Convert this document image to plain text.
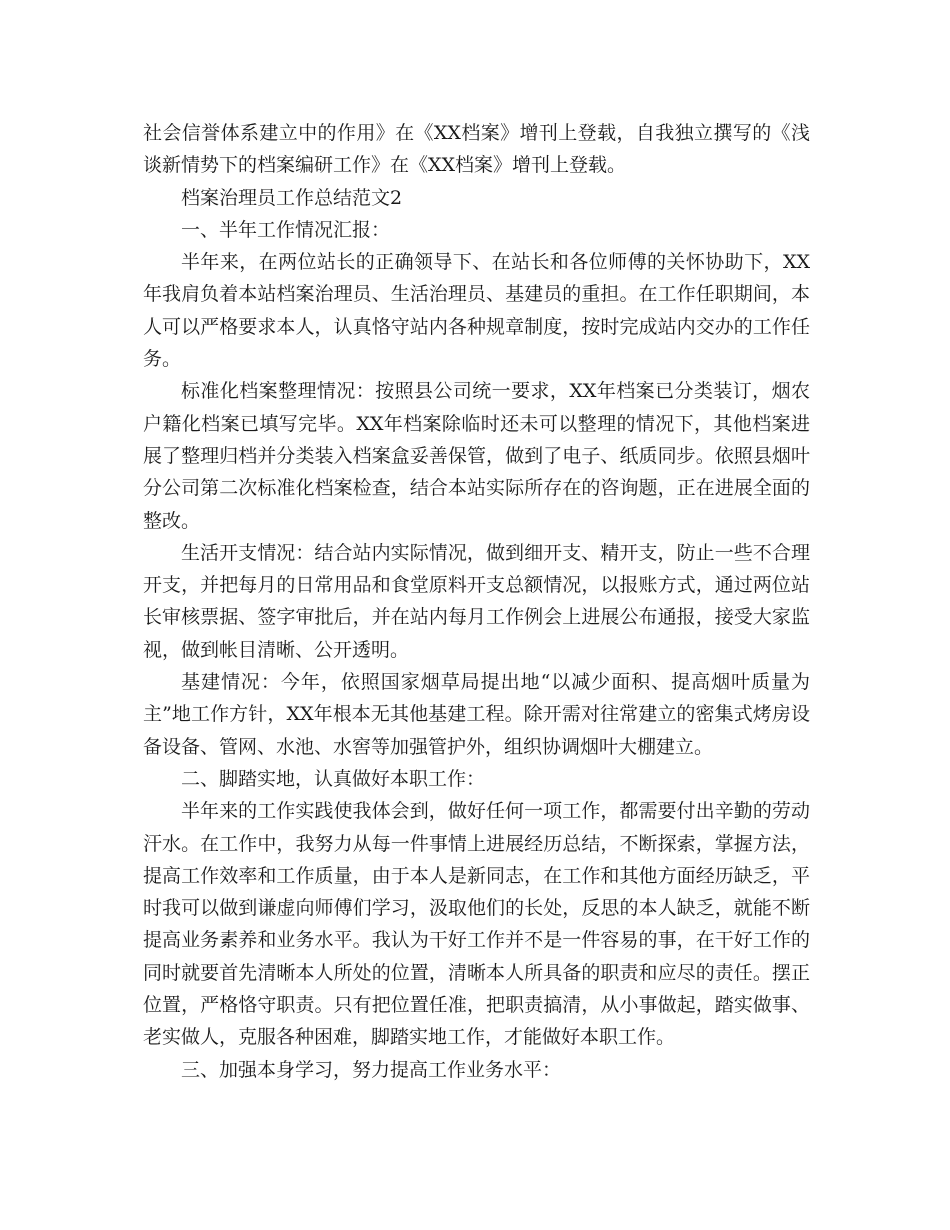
社会信誉体系建立中的作用》在《XX档案》增刊上登载，自我独立撰写的《浅谈新情势下的档案编研工作》在《XX档案》增刊上登载。

档案治理员工作总结范文2

一、半年工作情况汇报：

半年来，在两位站长的正确领导下、在站长和各位师傅的关怀协助下，XX年我肩负着本站档案治理员、生活治理员、基建员的重担。在工作任职期间，本人可以严格要求本人，认真恪守站内各种规章制度，按时完成站内交办的工作任务。

标准化档案整理情况：按照县公司统一要求，XX年档案已分类装订，烟农户籍化档案已填写完毕。XX年档案除临时还未可以整理的情况下，其他档案进展了整理归档并分类装入档案盒妥善保管，做到了电子、纸质同步。依照县烟叶分公司第二次标准化档案检查，结合本站实际所存在的咨询题，正在进展全面的整改。

生活开支情况：结合站内实际情况，做到细开支、精开支，防止一些不合理开支，并把每月的日常用品和食堂原料开支总额情况，以报账方式，通过两位站长审核票据、签字审批后，并在站内每月工作例会上进展公布通报，接受大家监视，做到帐目清晰、公开透明。

基建情况：今年，依照国家烟草局提出地“以减少面积、提高烟叶质量为主”地工作方针，XX年根本无其他基建工程。除开需对往常建立的密集式烤房设备设备、管网、水池、水窖等加强管护外，组织协调烟叶大棚建立。

二、脚踏实地，认真做好本职工作：

半年来的工作实践使我体会到，做好任何一项工作，都需要付出辛勤的劳动汗水。在工作中，我努力从每一件事情上进展经历总结，不断探索，掌握方法，提高工作效率和工作质量，由于本人是新同志，在工作和其他方面经历缺乏，平时我可以做到谦虚向师傅们学习，汲取他们的长处，反思的本人缺乏，就能不断提高业务素养和业务水平。我认为干好工作并不是一件容易的事，在干好工作的同时就要首先清晰本人所处的位置，清晰本人所具备的职责和应尽的责任。摆正位置，严格恪守职责。只有把位置任准，把职责搞清，从小事做起，踏实做事、老实做人，克服各种困难，脚踏实地工作，才能做好本职工作。

三、加强本身学习，努力提高工作业务水平：
